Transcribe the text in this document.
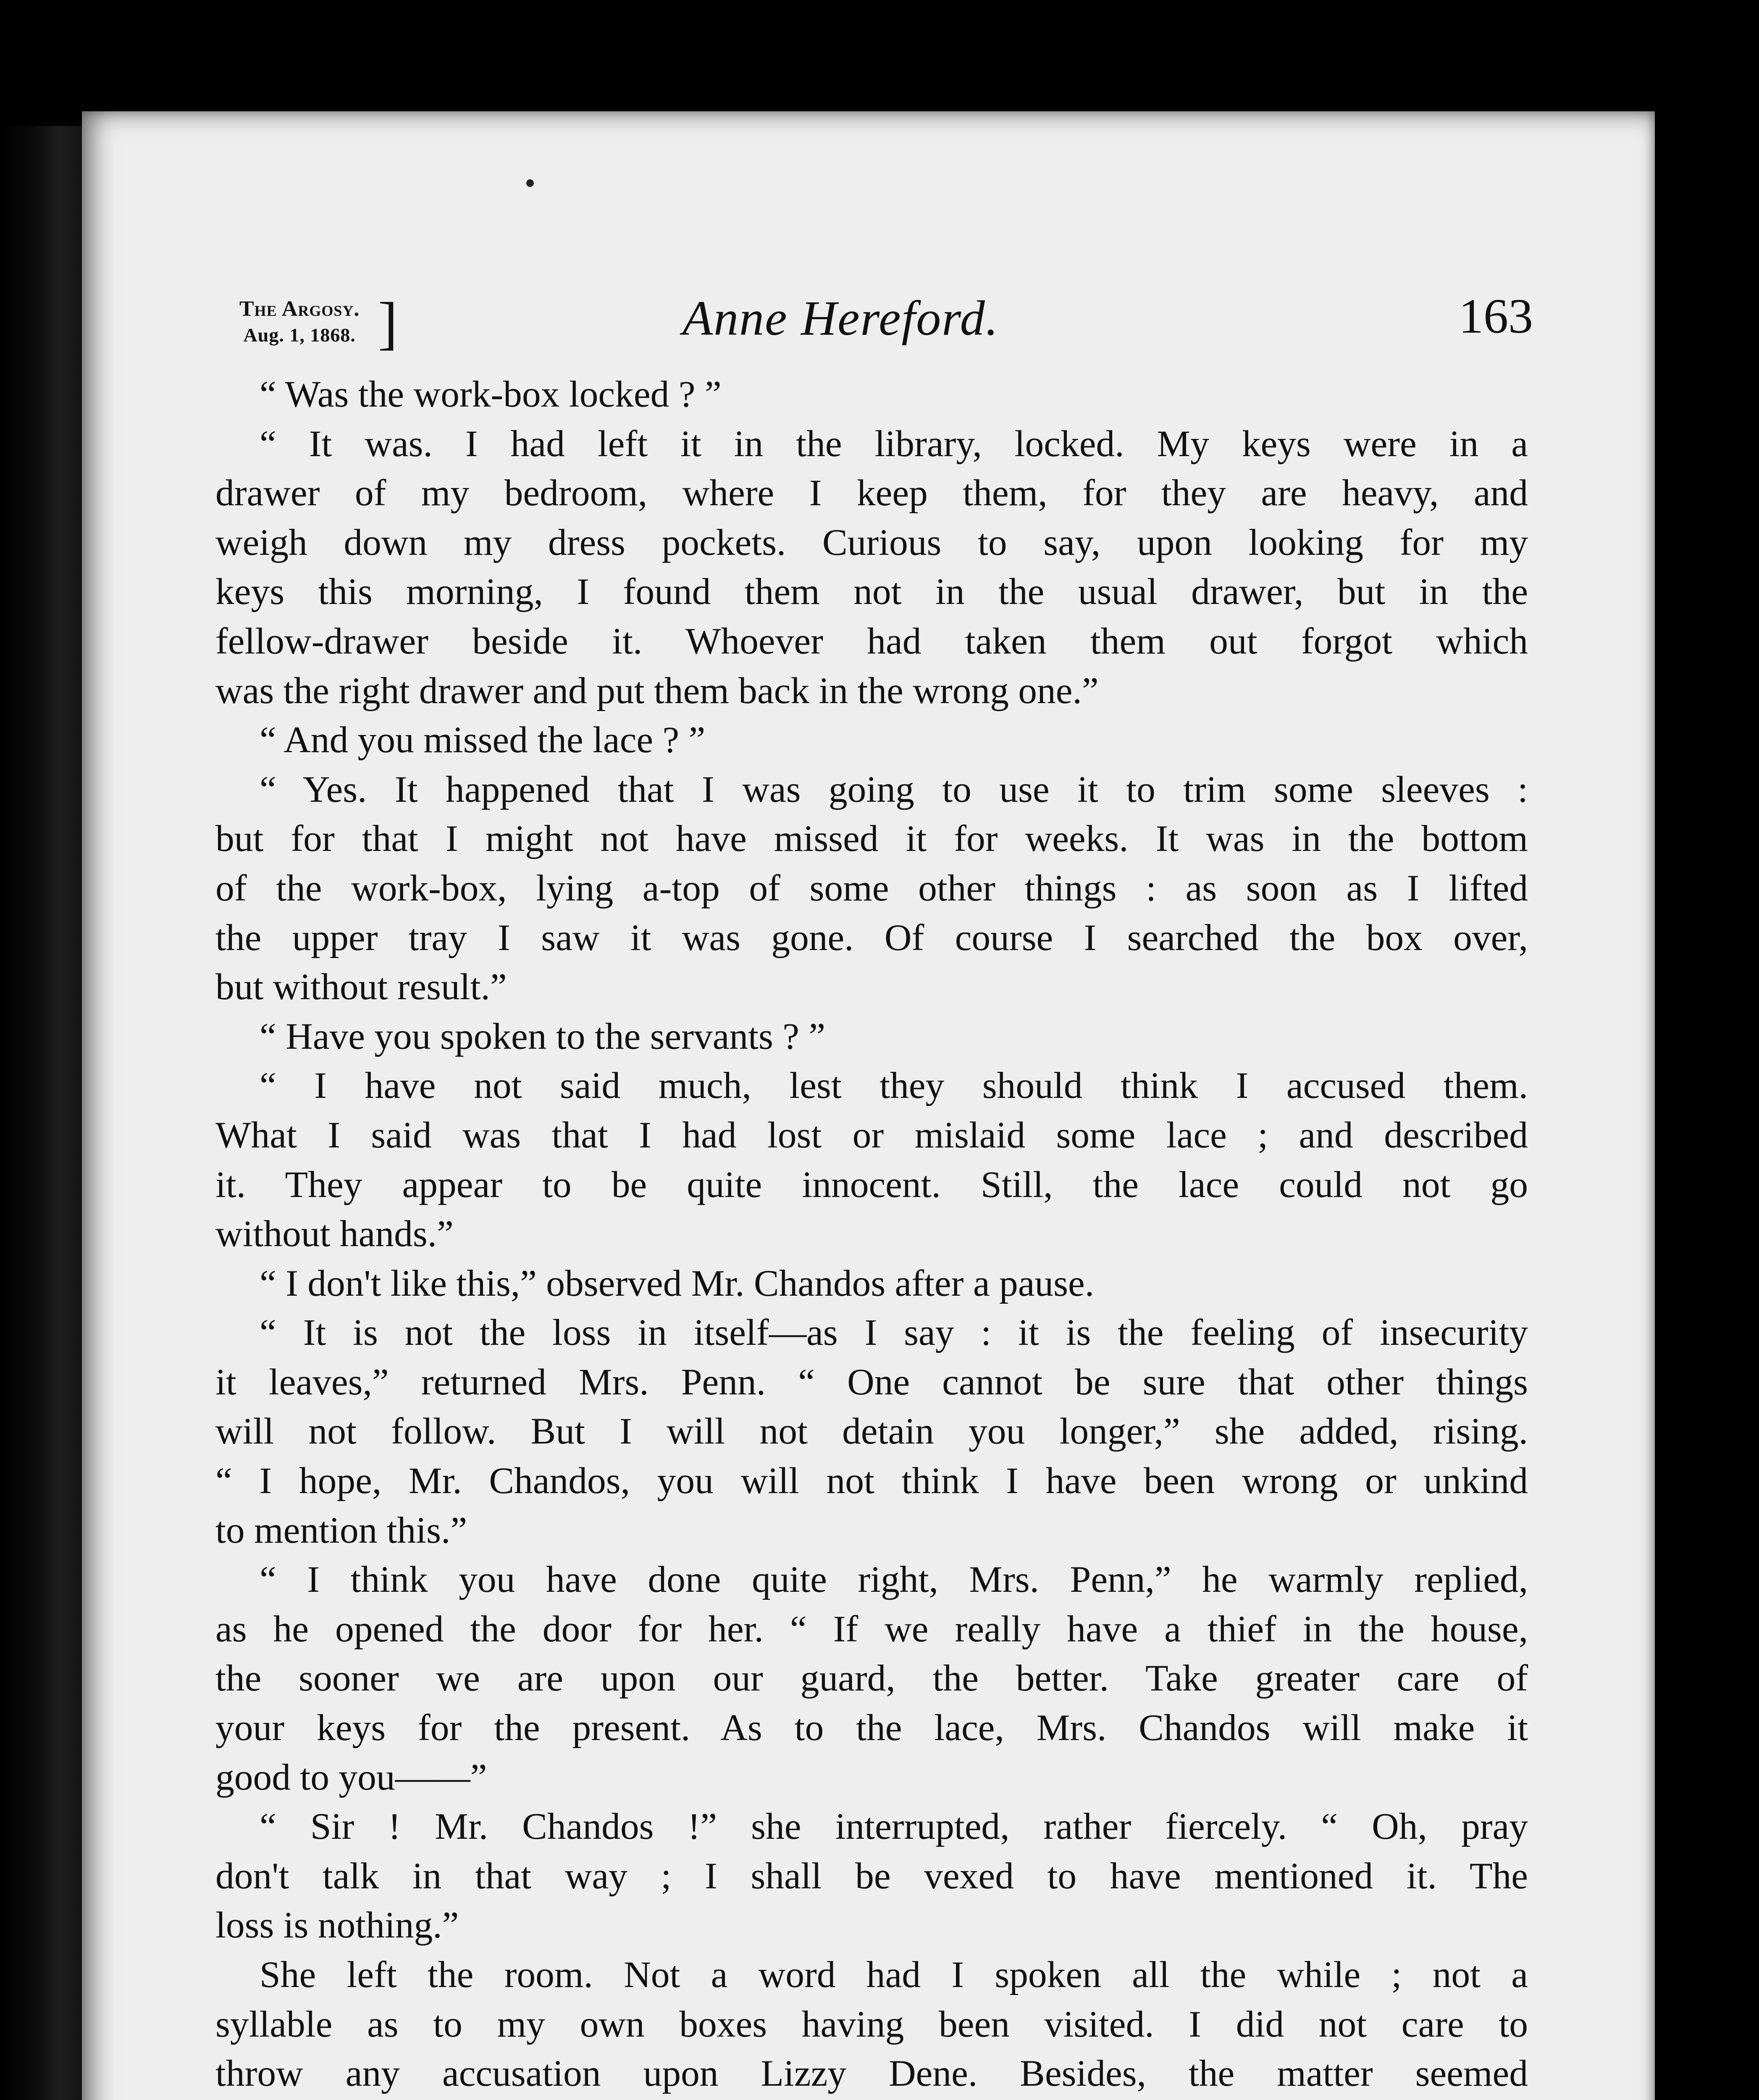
The Argosy.
Aug. 1, 1868. ]	Anne Hereford.	163
“ Was the work-box locked ? ”
“ It was. I had left it in the library, locked. My keys were in a
drawer of my bedroom, where I keep them, for they are heavy, and
weigh down my dress pockets. Curious to say, upon looking for my
keys this morning, I found them not in the usual drawer, but in the
fellow-drawer beside it. Whoever had taken them out forgot which
was the right drawer and put them back in the wrong one.”
“ And you missed the lace ? ”
“ Yes. It happened that I was going to use it to trim some sleeves :
but for that I might not have missed it for weeks. It was in the bottom
of the work-box, lying a-top of some other things : as soon as I lifted
the upper tray I saw it was gone. Of course I searched the box over,
but without result.”
“ Have you spoken to the servants ? ”
“ I have not said much, lest they should think I accused them.
What I said was that I had lost or mislaid some lace ; and described
it. They appear to be quite innocent. Still, the lace could not go
without hands.”
“ I don't like this,” observed Mr. Chandos after a pause.
“ It is not the loss in itself—as I say : it is the feeling of insecurity
it leaves,” returned Mrs. Penn. “ One cannot be sure that other things
will not follow. But I will not detain you longer,” she added, rising.
“ I hope, Mr. Chandos, you will not think I have been wrong or unkind
to mention this.”
“ I think you have done quite right, Mrs. Penn,” he warmly replied,
as he opened the door for her. “ If we really have a thief in the house,
the sooner we are upon our guard, the better. Take greater care of
your keys for the present. As to the lace, Mrs. Chandos will make it
good to you——”
“ Sir ! Mr. Chandos !” she interrupted, rather fiercely. “ Oh, pray
don't talk in that way ; I shall be vexed to have mentioned it. The
loss is nothing.”
She left the room. Not a word had I spoken all the while ; not a
syllable as to my own boxes having been visited. I did not care to
throw any accusation upon Lizzy Dene. Besides, the matter seemed
